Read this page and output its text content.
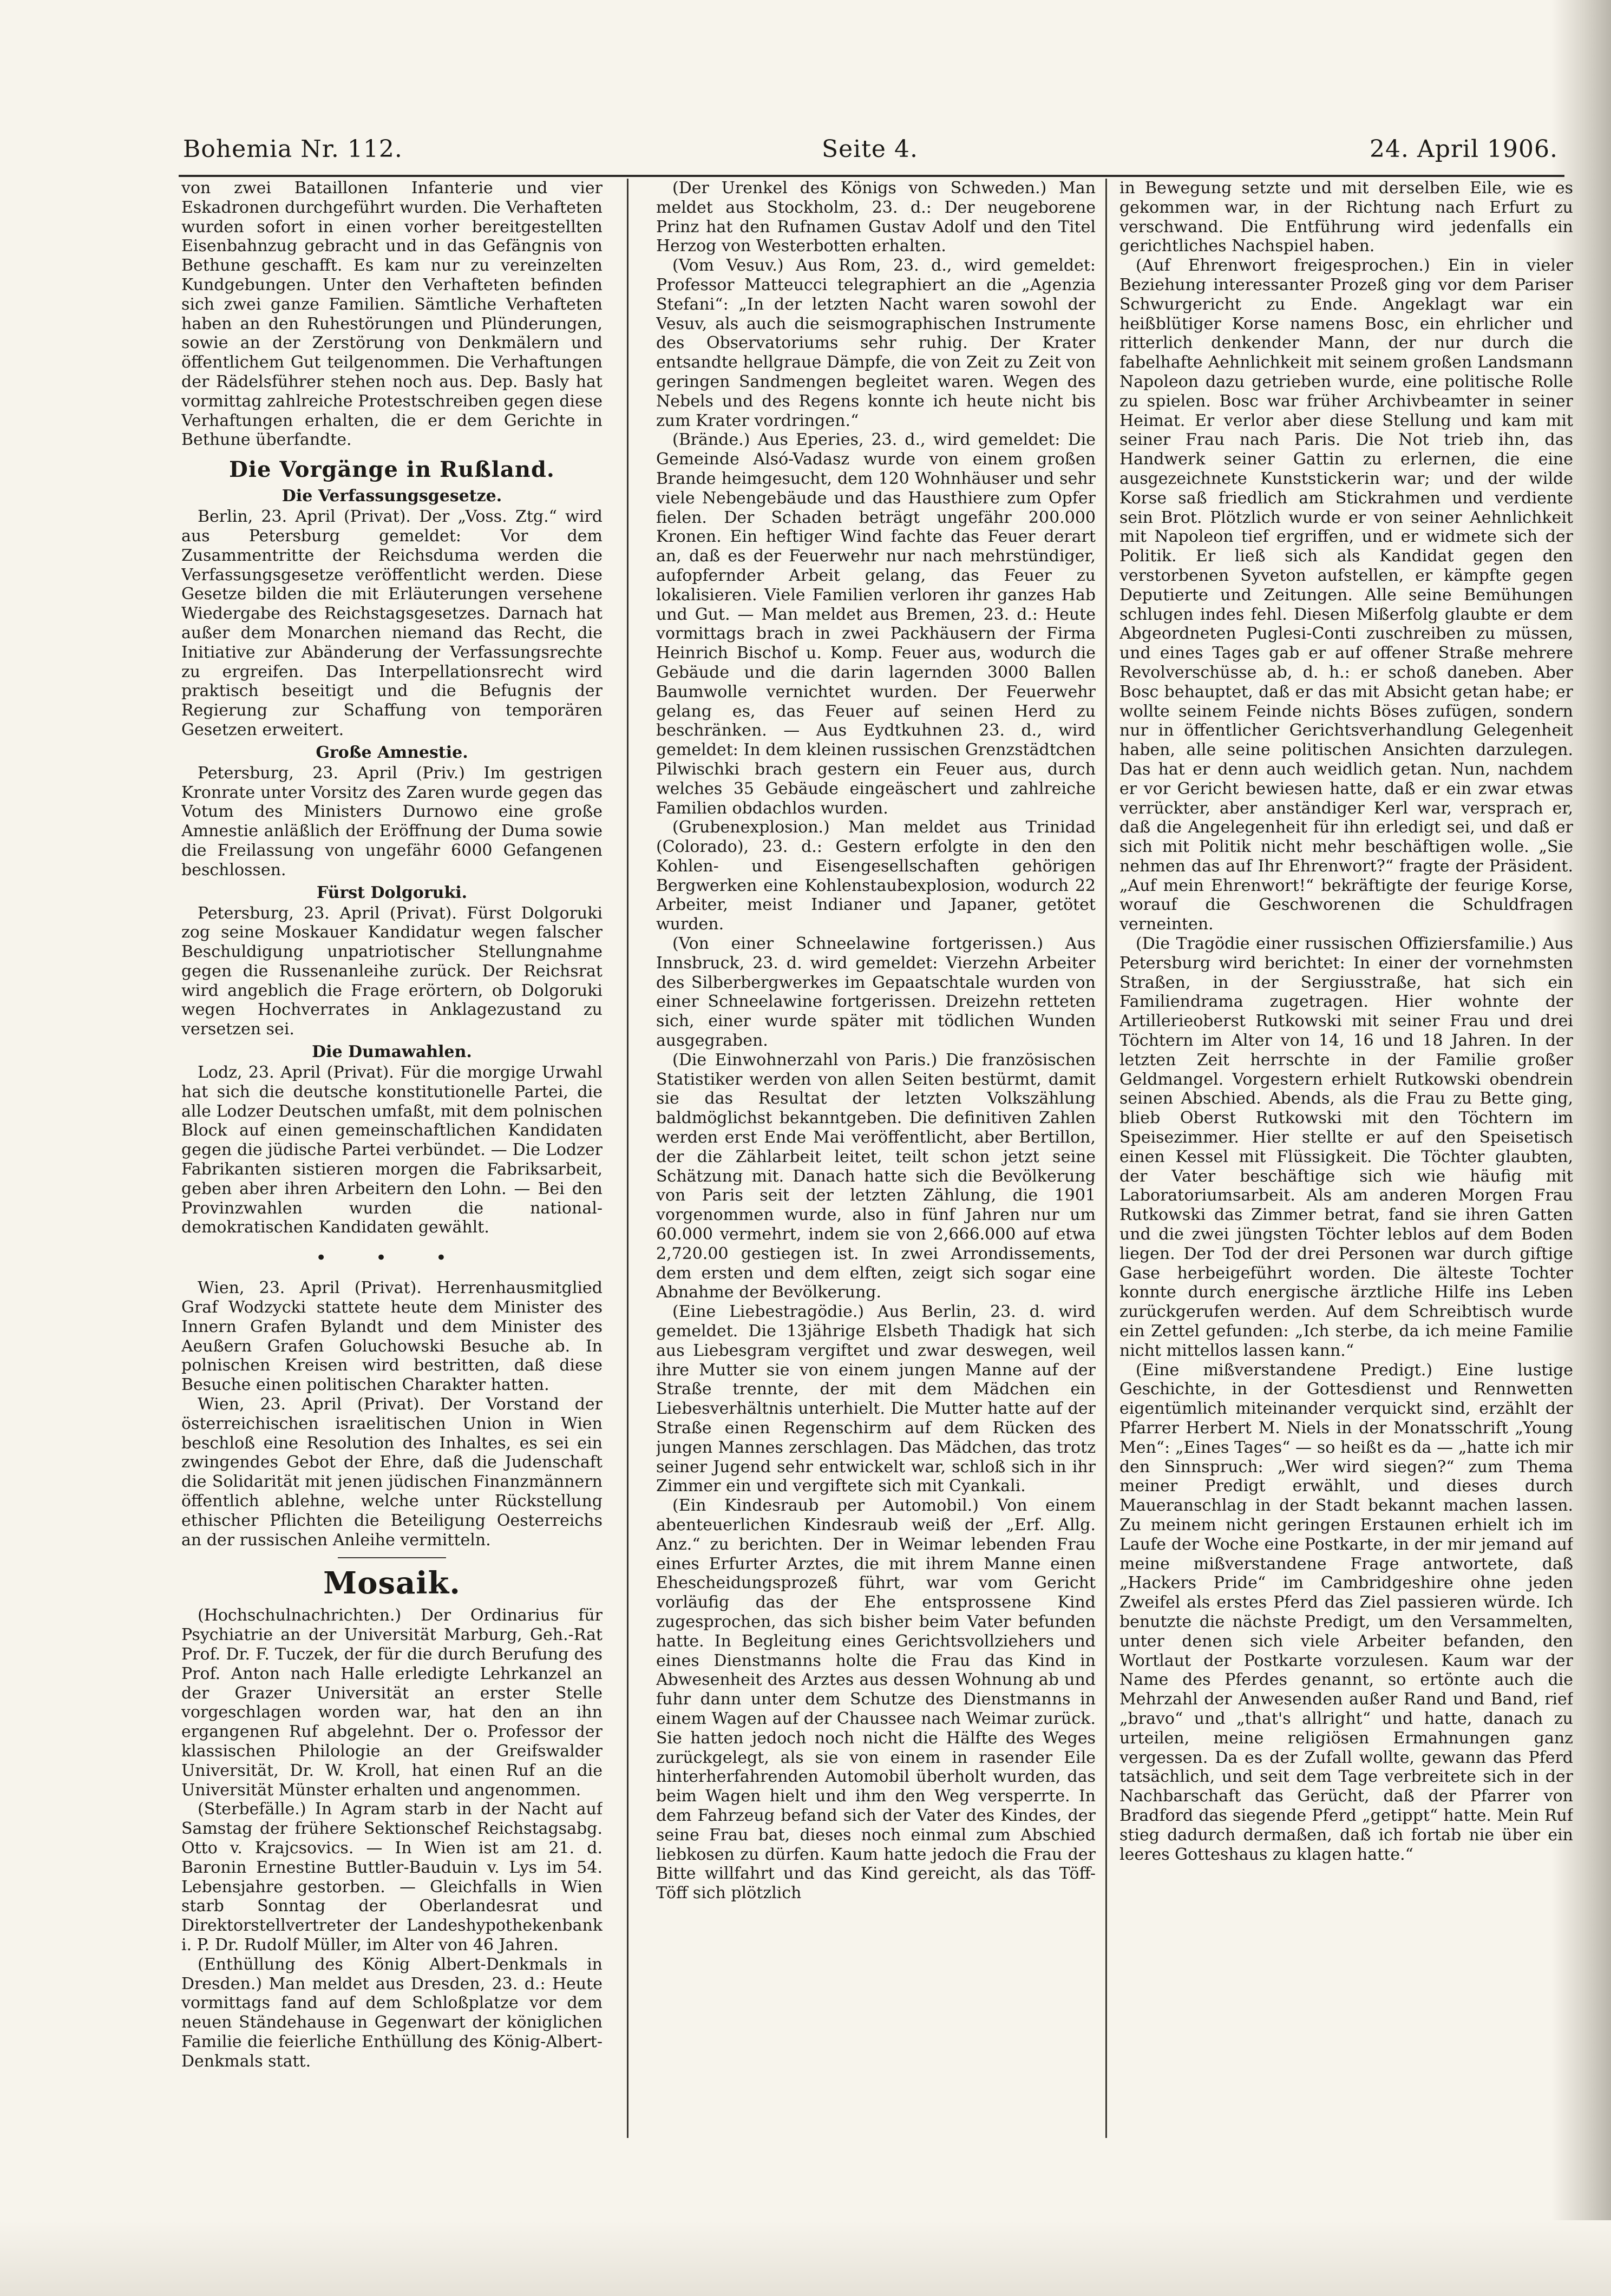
Bohemia Nr. 112.	Seite 4.	24. April 1906.

von zwei Bataillonen Infanterie und vier Eskadronen durchgeführt wurden. Die Verhafteten wurden sofort in einen vorher bereitgestellten Eisenbahnzug gebracht und in das Gefängnis von Bethune geschafft. Es kam nur zu vereinzelten Kundgebungen. Unter den Verhafteten befinden sich zwei ganze Familien. Sämtliche Verhafteten haben an den Ruhestörungen und Plünderungen, sowie an der Zerstörung von Denkmälern und öffentlichem Gut teilgenommen. Die Verhaftungen der Rädelsführer stehen noch aus. Dep. Basly hat vormittag zahlreiche Protestschreiben gegen diese Verhaftungen erhalten, die er dem Gerichte in Bethune überfandte.

Die Vorgänge in Rußland.
Die Verfassungsgesetze.

Berlin, 23. April (Privat). Der „Voss. Ztg.“ wird aus Petersburg gemeldet: Vor dem Zusammentritte der Reichsduma werden die Verfassungsgesetze veröffentlicht werden. Diese Gesetze bilden die mit Erläuterungen versehene Wiedergabe des Reichstagsgesetzes. Darnach hat außer dem Monarchen niemand das Recht, die Initiative zur Abänderung der Verfassungsrechte zu ergreifen. Das Interpellationsrecht wird praktisch beseitigt und die Befugnis der Regierung zur Schaffung von temporären Gesetzen erweitert.

Große Amnestie.

Petersburg, 23. April (Priv.) Im gestrigen Kronrate unter Vorsitz des Zaren wurde gegen das Votum des Ministers Durnowo eine große Amnestie anläßlich der Eröffnung der Duma sowie die Freilassung von ungefähr 6000 Gefangenen beschlossen.

Fürst Dolgoruki.

Petersburg, 23. April (Privat). Fürst Dolgoruki zog seine Moskauer Kandidatur wegen falscher Beschuldigung unpatriotischer Stellungnahme gegen die Russenanleihe zurück. Der Reichsrat wird angeblich die Frage erörtern, ob Dolgoruki wegen Hochverrates in Anklagezustand zu versetzen sei.

Die Dumawahlen.

Lodz, 23. April (Privat). Für die morgige Urwahl hat sich die deutsche konstitutionelle Partei, die alle Lodzer Deutschen umfaßt, mit dem polnischen Block auf einen gemeinschaftlichen Kandidaten gegen die jüdische Partei verbündet. — Die Lodzer Fabrikanten sistieren morgen die Fabriksarbeit, geben aber ihren Arbeitern den Lohn. — Bei den Provinzwahlen wurden die national-demokratischen Kandidaten gewählt.

• • •

Wien, 23. April (Privat). Herrenhausmitglied Graf Wodzycki stattete heute dem Minister des Innern Grafen Bylandt und dem Minister des Aeußern Grafen Goluchowski Besuche ab. In polnischen Kreisen wird bestritten, daß diese Besuche einen politischen Charakter hatten.

Wien, 23. April (Privat). Der Vorstand der österreichischen israelitischen Union in Wien beschloß eine Resolution des Inhaltes, es sei ein zwingendes Gebot der Ehre, daß die Judenschaft die Solidarität mit jenen jüdischen Finanzmännern öffentlich ablehne, welche unter Rückstellung ethischer Pflichten die Beteiligung Oesterreichs an der russischen Anleihe vermitteln.

Mosaik.

(Hochschulnachrichten.) Der Ordinarius für Psychiatrie an der Universität Marburg, Geh.-Rat Prof. Dr. F. Tuczek, der für die durch Berufung des Prof. Anton nach Halle erledigte Lehrkanzel an der Grazer Universität an erster Stelle vorgeschlagen worden war, hat den an ihn ergangenen Ruf abgelehnt. Der o. Professor der klassischen Philologie an der Greifswalder Universität, Dr. W. Kroll, hat einen Ruf an die Universität Münster erhalten und angenommen.

(Sterbefälle.) In Agram starb in der Nacht auf Samstag der frühere Sektionschef Reichstagsabg. Otto v. Krajcsovics. — In Wien ist am 21. d. Baronin Ernestine Buttler-Bauduin v. Lys im 54. Lebensjahre gestorben. — Gleichfalls in Wien starb Sonntag der Oberlandesrat und Direktorstellvertreter der Landeshypothekenbank i. P. Dr. Rudolf Müller, im Alter von 46 Jahren.

(Enthüllung des König Albert-Denkmals in Dresden.) Man meldet aus Dresden, 23. d.: Heute vormittags fand auf dem Schloßplatze vor dem neuen Ständehause in Gegenwart der königlichen Familie die feierliche Enthüllung des König-Albert-Denkmals statt.

(Der Urenkel des Königs von Schweden.) Man meldet aus Stockholm, 23. d.: Der neugeborene Prinz hat den Rufnamen Gustav Adolf und den Titel Herzog von Westerbotten erhalten.

(Vom Vesuv.) Aus Rom, 23. d., wird gemeldet: Professor Matteucci telegraphiert an die „Agenzia Stefani“: „In der letzten Nacht waren sowohl der Vesuv, als auch die seismographischen Instrumente des Observatoriums sehr ruhig. Der Krater entsandte hellgraue Dämpfe, die von Zeit zu Zeit von geringen Sandmengen begleitet waren. Wegen des Nebels und des Regens konnte ich heute nicht bis zum Krater vordringen.“

(Brände.) Aus Eperies, 23. d., wird gemeldet: Die Gemeinde Alsó-Vadasz wurde von einem großen Brande heimgesucht, dem 120 Wohnhäuser und sehr viele Nebengebäude und das Hausthiere zum Opfer fielen. Der Schaden beträgt ungefähr 200.000 Kronen. Ein heftiger Wind fachte das Feuer derart an, daß es der Feuerwehr nur nach mehrstündiger, aufopfernder Arbeit gelang, das Feuer zu lokalisieren. Viele Familien verloren ihr ganzes Hab und Gut. — Man meldet aus Bremen, 23. d.: Heute vormittags brach in zwei Packhäusern der Firma Heinrich Bischof u. Komp. Feuer aus, wodurch die Gebäude und die darin lagernden 3000 Ballen Baumwolle vernichtet wurden. Der Feuerwehr gelang es, das Feuer auf seinen Herd zu beschränken. — Aus Eydtkuhnen 23. d., wird gemeldet: In dem kleinen russischen Grenzstädtchen Pilwischki brach gestern ein Feuer aus, durch welches 35 Gebäude eingeäschert und zahlreiche Familien obdachlos wurden.

(Grubenexplosion.) Man meldet aus Trinidad (Colorado), 23. d.: Gestern erfolgte in den den Kohlen- und Eisengesellschaften gehörigen Bergwerken eine Kohlenstaubexplosion, wodurch 22 Arbeiter, meist Indianer und Japaner, getötet wurden.

(Von einer Schneelawine fortgerissen.) Aus Innsbruck, 23. d. wird gemeldet: Vierzehn Arbeiter des Silberbergwerkes im Gepaatschtale wurden von einer Schneelawine fortgerissen. Dreizehn retteten sich, einer wurde später mit tödlichen Wunden ausgegraben.

(Die Einwohnerzahl von Paris.) Die französischen Statistiker werden von allen Seiten bestürmt, damit sie das Resultat der letzten Volkszählung baldmöglichst bekanntgeben. Die definitiven Zahlen werden erst Ende Mai veröffentlicht, aber Bertillon, der die Zählarbeit leitet, teilt schon jetzt seine Schätzung mit. Danach hatte sich die Bevölkerung von Paris seit der letzten Zählung, die 1901 vorgenommen wurde, also in fünf Jahren nur um 60.000 vermehrt, indem sie von 2,666.000 auf etwa 2,720.00 gestiegen ist. In zwei Arrondissements, dem ersten und dem elften, zeigt sich sogar eine Abnahme der Bevölkerung.

(Eine Liebestragödie.) Aus Berlin, 23. d. wird gemeldet. Die 13jährige Elsbeth Thadigk hat sich aus Liebesgram vergiftet und zwar deswegen, weil ihre Mutter sie von einem jungen Manne auf der Straße trennte, der mit dem Mädchen ein Liebesverhältnis unterhielt. Die Mutter hatte auf der Straße einen Regenschirm auf dem Rücken des jungen Mannes zerschlagen. Das Mädchen, das trotz seiner Jugend sehr entwickelt war, schloß sich in ihr Zimmer ein und vergiftete sich mit Cyankali.

(Ein Kindesraub per Automobil.) Von einem abenteuerlichen Kindesraub weiß der „Erf. Allg. Anz.“ zu berichten. Der in Weimar lebenden Frau eines Erfurter Arztes, die mit ihrem Manne einen Ehescheidungsprozeß führt, war vom Gericht vorläufig das der Ehe entsprossene Kind zugesprochen, das sich bisher beim Vater befunden hatte. In Begleitung eines Gerichtsvollziehers und eines Dienstmanns holte die Frau das Kind in Abwesenheit des Arztes aus dessen Wohnung ab und fuhr dann unter dem Schutze des Dienstmanns in einem Wagen auf der Chaussee nach Weimar zurück. Sie hatten jedoch noch nicht die Hälfte des Weges zurückgelegt, als sie von einem in rasender Eile hinterherfahrenden Automobil überholt wurden, das beim Wagen hielt und ihm den Weg versperrte. In dem Fahrzeug befand sich der Vater des Kindes, der seine Frau bat, dieses noch einmal zum Abschied liebkosen zu dürfen. Kaum hatte jedoch die Frau der Bitte willfahrt und das Kind gereicht, als das Töff-Töff sich plötzlich

in Bewegung setzte und mit derselben Eile, wie es gekommen war, in der Richtung nach Erfurt zu verschwand. Die Entführung wird jedenfalls ein gerichtliches Nachspiel haben.

(Auf Ehrenwort freigesprochen.) Ein in vieler Beziehung interessanter Prozeß ging vor dem Pariser Schwurgericht zu Ende. Angeklagt war ein heißblütiger Korse namens Bosc, ein ehrlicher und ritterlich denkender Mann, der nur durch die fabelhafte Aehnlichkeit mit seinem großen Landsmann Napoleon dazu getrieben wurde, eine politische Rolle zu spielen. Bosc war früher Archivbeamter in seiner Heimat. Er verlor aber diese Stellung und kam mit seiner Frau nach Paris. Die Not trieb ihn, das Handwerk seiner Gattin zu erlernen, die eine ausgezeichnete Kunststickerin war; und der wilde Korse saß friedlich am Stickrahmen und verdiente sein Brot. Plötzlich wurde er von seiner Aehnlichkeit mit Napoleon tief ergriffen, und er widmete sich der Politik. Er ließ sich als Kandidat gegen den verstorbenen Syveton aufstellen, er kämpfte gegen Deputierte und Zeitungen. Alle seine Bemühungen schlugen indes fehl. Diesen Mißerfolg glaubte er dem Abgeordneten Puglesi-Conti zuschreiben zu müssen, und eines Tages gab er auf offener Straße mehrere Revolverschüsse ab, d. h.: er schoß daneben. Aber Bosc behauptet, daß er das mit Absicht getan habe; er wollte seinem Feinde nichts Böses zufügen, sondern nur in öffentlicher Gerichtsverhandlung Gelegenheit haben, alle seine politischen Ansichten darzulegen. Das hat er denn auch weidlich getan. Nun, nachdem er vor Gericht bewiesen hatte, daß er ein zwar etwas verrückter, aber anständiger Kerl war, versprach er, daß die Angelegenheit für ihn erledigt sei, und daß er sich mit Politik nicht mehr beschäftigen wolle. „Sie nehmen das auf Ihr Ehrenwort?“ fragte der Präsident. „Auf mein Ehrenwort!“ bekräftigte der feurige Korse, worauf die Geschworenen die Schuldfragen verneinten.

(Die Tragödie einer russischen Offiziersfamilie.) Aus Petersburg wird berichtet: In einer der vornehmsten Straßen, in der Sergiusstraße, hat sich ein Familiendrama zugetragen. Hier wohnte der Artillerieoberst Rutkowski mit seiner Frau und drei Töchtern im Alter von 14, 16 und 18 Jahren. In der letzten Zeit herrschte in der Familie großer Geldmangel. Vorgestern erhielt Rutkowski obendrein seinen Abschied. Abends, als die Frau zu Bette ging, blieb Oberst Rutkowski mit den Töchtern im Speisezimmer. Hier stellte er auf den Speisetisch einen Kessel mit Flüssigkeit. Die Töchter glaubten, der Vater beschäftige sich wie häufig mit Laboratoriumsarbeit. Als am anderen Morgen Frau Rutkowski das Zimmer betrat, fand sie ihren Gatten und die zwei jüngsten Töchter leblos auf dem Boden liegen. Der Tod der drei Personen war durch giftige Gase herbeigeführt worden. Die älteste Tochter konnte durch energische ärztliche Hilfe ins Leben zurückgerufen werden. Auf dem Schreibtisch wurde ein Zettel gefunden: „Ich sterbe, da ich meine Familie nicht mittellos lassen kann.“

(Eine mißverstandene Predigt.) Eine lustige Geschichte, in der Gottesdienst und Rennwetten eigentümlich miteinander verquickt sind, erzählt der Pfarrer Herbert M. Niels in der Monatsschrift „Young Men“: „Eines Tages“ — so heißt es da — „hatte ich mir den Sinnspruch: „Wer wird siegen?“ zum Thema meiner Predigt erwählt, und dieses durch Maueranschlag in der Stadt bekannt machen lassen. Zu meinem nicht geringen Erstaunen erhielt ich im Laufe der Woche eine Postkarte, in der mir jemand auf meine mißverstandene Frage antwortete, daß „Hackers Pride“ im Cambridgeshire ohne jeden Zweifel als erstes Pferd das Ziel passieren würde. Ich benutzte die nächste Predigt, um den Versammelten, unter denen sich viele Arbeiter befanden, den Wortlaut der Postkarte vorzulesen. Kaum war der Name des Pferdes genannt, so ertönte auch die Mehrzahl der Anwesenden außer Rand und Band, rief „bravo“ und „that's allright“ und hatte, danach zu urteilen, meine religiösen Ermahnungen ganz vergessen. Da es der Zufall wollte, gewann das Pferd tatsächlich, und seit dem Tage verbreitete sich in der Nachbarschaft das Gerücht, daß der Pfarrer von Bradford das siegende Pferd „getippt“ hatte. Mein Ruf stieg dadurch dermaßen, daß ich fortab nie über ein leeres Gotteshaus zu klagen hatte.“
